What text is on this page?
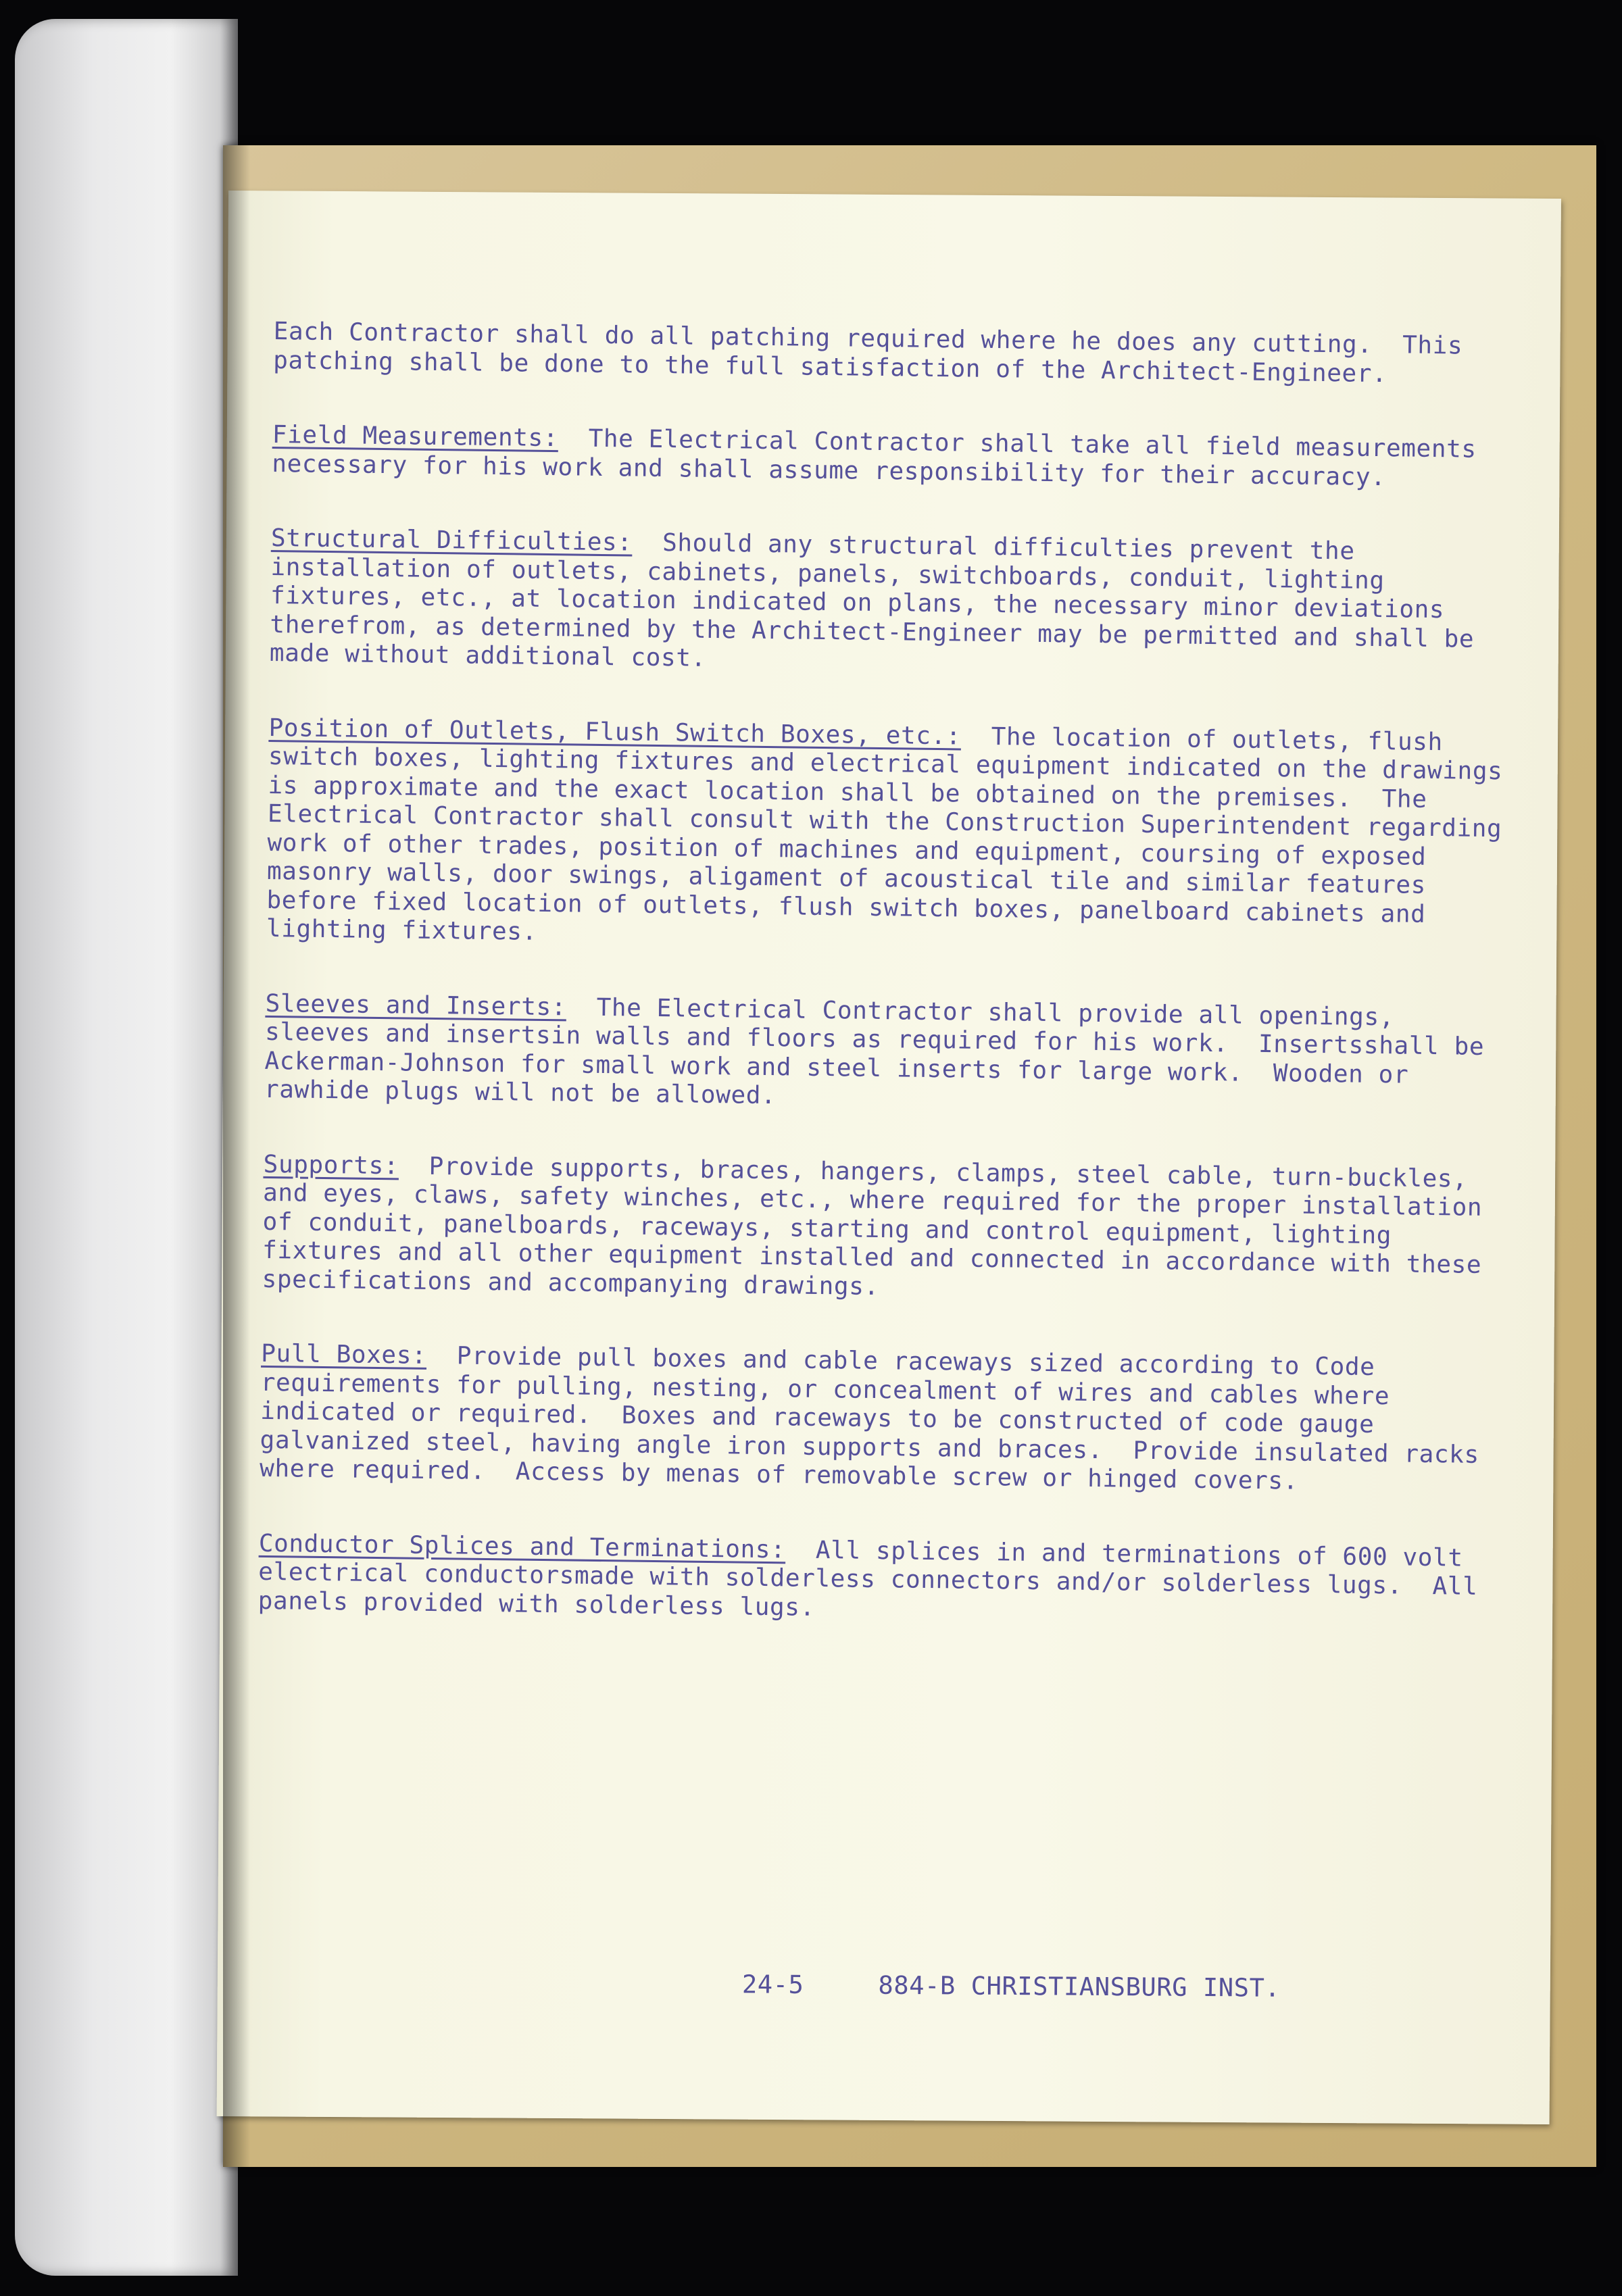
Each Contractor shall do all patching required where he does any cutting.  This patching shall be done to the full satisfaction of the Architect-Engineer.

Field Measurements:  The Electrical Contractor shall take all field measurements necessary for his work and shall assume responsibility for their accuracy.

Structural Difficulties:  Should any structural difficulties prevent the installation of outlets, cabinets, panels, switchboards, conduit, lighting fixtures, etc., at location indicated on plans, the necessary minor deviations therefrom, as determined by the Architect-Engineer may be permitted and shall be made without additional cost.

Position of Outlets, Flush Switch Boxes, etc.:  The location of outlets, flush switch boxes, lighting fixtures and electrical equipment indicated on the drawings is approximate and the exact location shall be obtained on the premises.  The Electrical Contractor shall consult with the Construction Superintendent regarding work of other trades, position of machines and equipment, coursing of exposed masonry walls, door swings, aligament of acoustical tile and similar features before fixed location of outlets, flush switch boxes, panelboard cabinets and lighting fixtures.

Sleeves and Inserts:  The Electrical Contractor shall provide all openings, sleeves and insertsin walls and floors as required for his work.  Insertsshall be Ackerman-Johnson for small work and steel inserts for large work.  Wooden or rawhide plugs will not be allowed.

Supports:  Provide supports, braces, hangers, clamps, steel cable, turn-buckles, and eyes, claws, safety winches, etc., where required for the proper installation of conduit, panelboards, raceways, starting and control equipment, lighting fixtures and all other equipment installed and connected in accordance with these specifications and accompanying drawings.

Pull Boxes:  Provide pull boxes and cable raceways sized according to Code requirements for pulling, nesting, or concealment of wires and cables where indicated or required.  Boxes and raceways to be constructed of code gauge galvanized steel, having angle iron supports and braces.  Provide insulated racks where required.  Access by menas of removable screw or hinged covers.

Conductor Splices and Terminations:  All splices in and terminations of 600 volt electrical conductorsmade with solderless connectors and/or solderless lugs.  All panels provided with solderless lugs.

24-5	884-B CHRISTIANSBURG INST.
